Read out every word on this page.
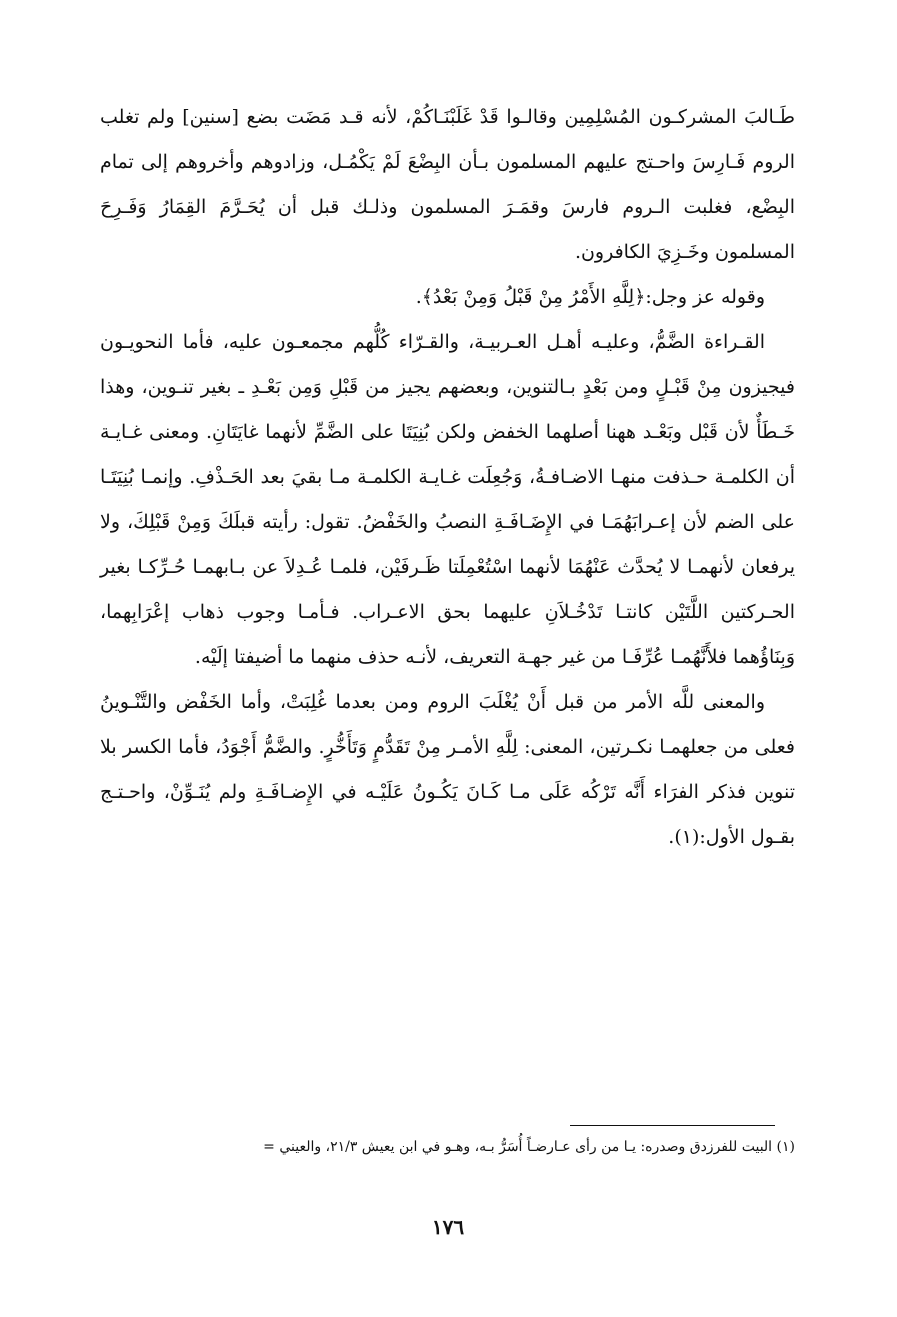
طَـالبَ المشركـون المُسْلِمِين وقالـوا قَدْ غَلَبْنَـاكُمْ، لأنه قـد مَضَت بضع [سنين] ولم تغلب الروم فَـارِسَ واحـتج عليهم المسلمون بـأن البِضْعَ لَمْ يَكْمُـل، وزادوهم وأخروهم إلى تمام البِضْع، فغلبت الـروم فارسَ وقمَـرَ المسلمون وذلـك قبل أن يُحَـرَّمَ القِمَارُ وَفَـرِحَ المسلمون وخَـزِيَ الكافرون.

وقوله عز وجل:﴿لِلَّهِ الأَمْرُ مِنْ قَبْلُ وَمِنْ بَعْدُ﴾.

القـراءة الضَّمُّ، وعليـه أهـل العـربيـة، والقـرّاء كُلُّهم مجمعـون عليه، فأما النحويـون فيجيزون مِنْ قَبْـلٍ ومن بَعْدٍ بـالتنوين، وبعضهم يجيز من قَبْلِ وَمِن بَعْـدِ ـ بغير تنـوين، وهذا خَـطَأٌ لأن قَبْل وبَعْـد ههنا أصلهما الخفض ولكن بُنِيَتَا على الضَّمِّ لأنهما غايَتَانِ. ومعنى غـايـة أن الكلمـة حـذفت منهـا الاضـافـةُ، وَجُعِلَت غـايـة الكلمـة مـا بقيَ بعد الحَـذْفِ. وإنمـا بُنِيَتَـا على الضم لأن إعـرابَهُمَـا في الإِضَـافَـةِ النصبُ والخَفْضُ. تقول: رأيته قبلَكَ وَمِنْ قَبْلِكَ، ولا يرفعان لأنهمـا لا يُحدَّث عَنْهُمَا لأنهما اسْتُعْمِلَتا ظَـرفَيْن، فلمـا عُـدِلاَ عن بـابهمـا حُـرِّكـا بغير الحـركتين اللَّتَيْن كانتـا تَدْخُـلاَنِ عليهما بحق الاعـراب. فـأمـا وجوب ذهاب إعْرَابِهما، وَبِنَاؤُهما فلأَنَّهُمـا عُرِّفَـا من غير جهـة التعريف، لأنـه حذف منهما ما أضيفتا إلَيْه.

والمعنى للَّه الأمر من قبل أَنْ يُغْلَبَ الروم ومن بعدما غُلِبَتْ، وأما الخَفْض والتَّنْـوينُ فعلى من جعلهمـا نكـرتين، المعنى: لِلَّهِ الأمـر مِنْ تَقَدُّمٍ وَتَأَخُّرٍ. والضَّمُّ أَجْوَدُ، فأما الكسر بلا تنوين فذكر الفرَاء أَنَّه تَرْكُه عَلَى مـا كَـانَ يَكُـونُ عَلَيْـه في الإِضـافَـةِ ولم يُنَـوِّنْ، واحـتـج بقـول الأول:(١).

(١) البيت للفرزدق وصدره: يـا من رأى عـارضـاً أُسَرُّ بـه، وهـو في ابن يعيش ٢١/٣، والعيني =
١٧٦
